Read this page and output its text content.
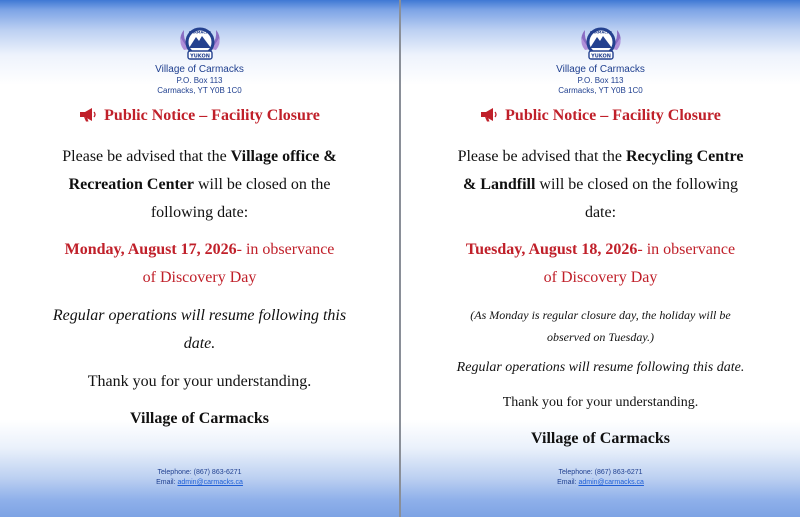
YUKON
CARMACKS
Village of Carmacks
P.O. Box 113
Carmacks, YT Y0B 1C0
Public Notice – Facility Closure
Please be advised that the Village office &
Recreation Center will be closed on the
following date:
Monday, August 17, 2026- in observance
of Discovery Day
Regular operations will resume following this
date.
Thank you for your understanding.
Village of Carmacks
Telephone: (867) 863-6271
Email: admin@carmacks.ca
YUKON
CARMACKS
Village of Carmacks
P.O. Box 113
Carmacks, YT Y0B 1C0
Public Notice – Facility Closure
Please be advised that the Recycling Centre
& Landfill will be closed on the following
date:
Tuesday, August 18, 2026- in observance
of Discovery Day
(As Monday is regular closure day, the holiday will be
observed on Tuesday.)
Regular operations will resume following this date.
Thank you for your understanding.
Village of Carmacks
Telephone: (867) 863-6271
Email: admin@carmacks.ca
